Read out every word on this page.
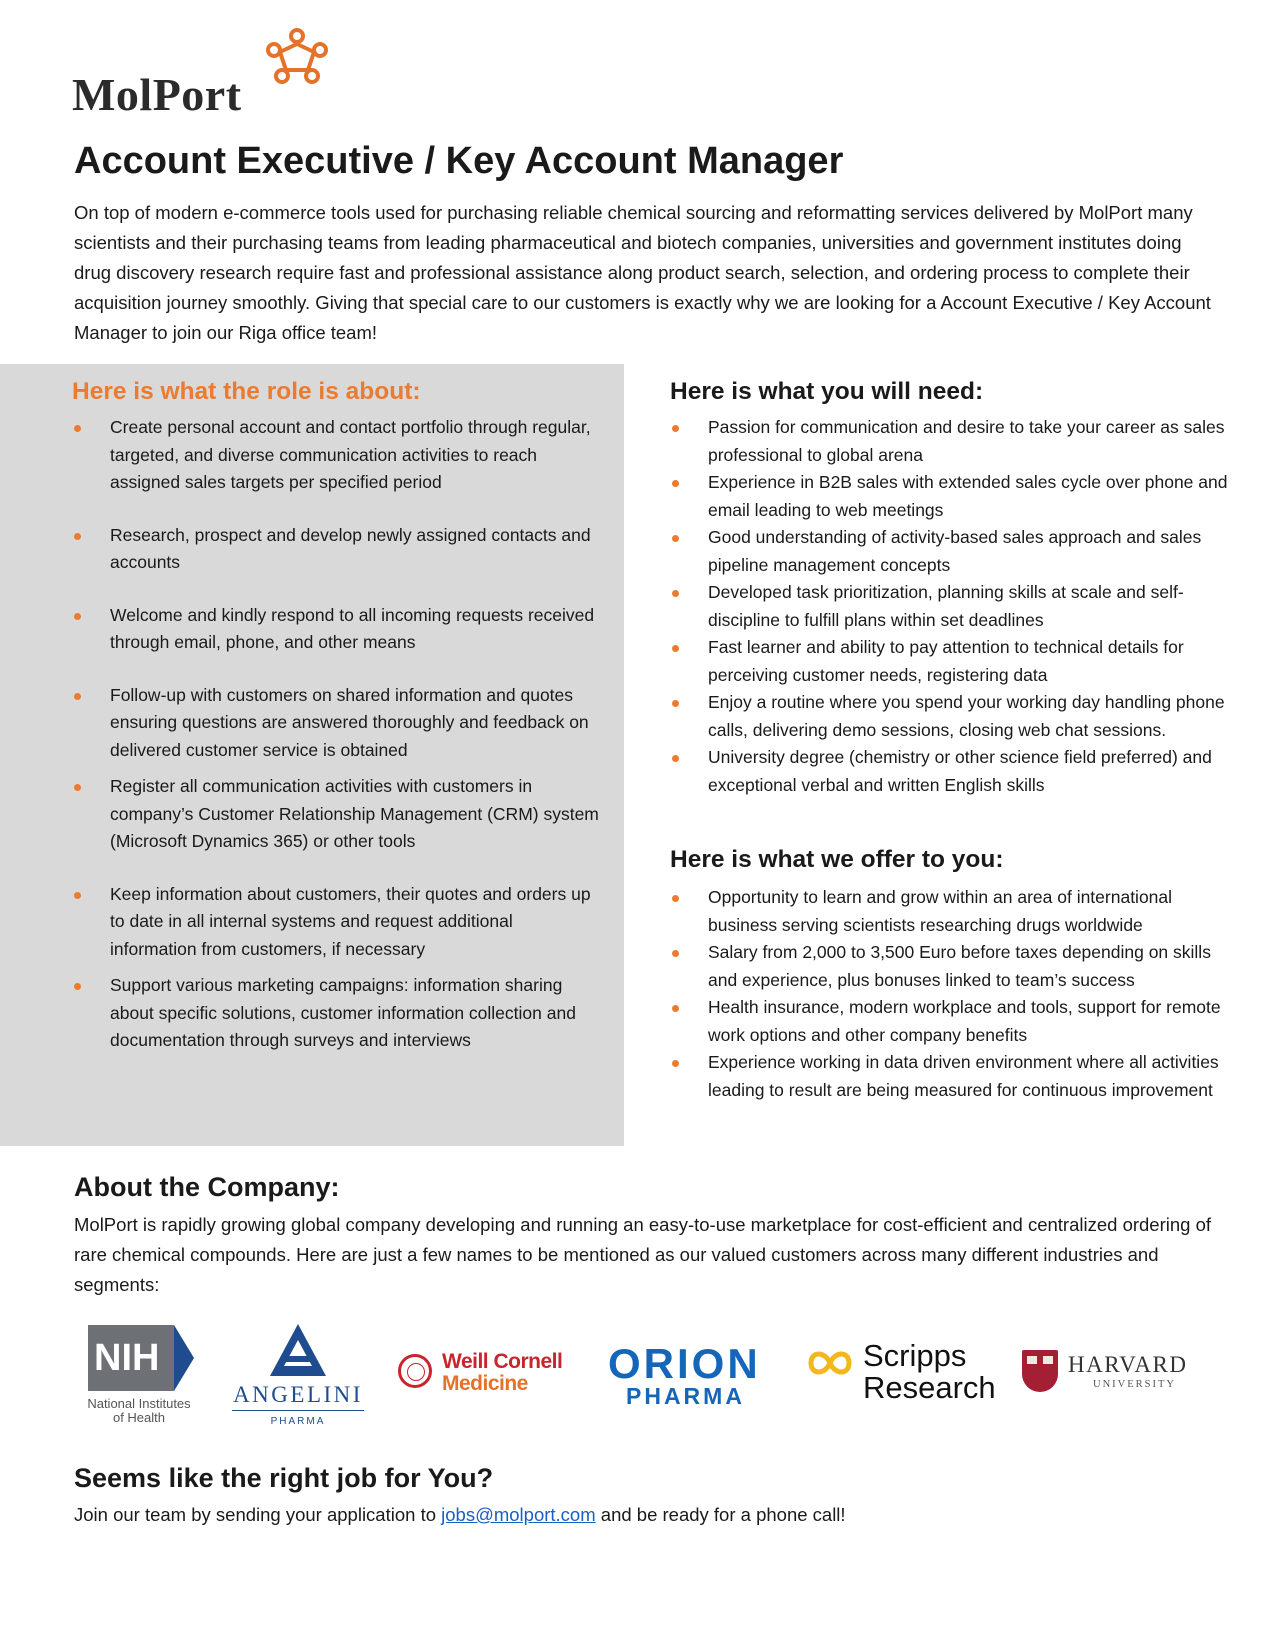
MolPort
Account Executive / Key Account Manager

On top of modern e-commerce tools used for purchasing reliable chemical sourcing and reformatting services delivered by MolPort many scientists and their purchasing teams from leading pharmaceutical and biotech companies, universities and government institutes doing drug discovery research require fast and professional assistance along product search, selection, and ordering process to complete their acquisition journey smoothly. Giving that special care to our customers is exactly why we are looking for a Account Executive / Key Account Manager to join our Riga office team!

Here is what the role is about:
Create personal account and contact portfolio through regular, targeted, and diverse communication activities to reach assigned sales targets per specified period
Research, prospect and develop newly assigned contacts and accounts
Welcome and kindly respond to all incoming requests received through email, phone, and other means
Follow-up with customers on shared information and quotes ensuring questions are answered thoroughly and feedback on delivered customer service is obtained
Register all communication activities with customers in company’s Customer Relationship Management (CRM) system (Microsoft Dynamics 365) or other tools
Keep information about customers, their quotes and orders up to date in all internal systems and request additional information from customers, if necessary
Support various marketing campaigns: information sharing about specific solutions, customer information collection and documentation through surveys and interviews
Here is what you will need:
Passion for communication and desire to take your career as sales professional to global arena
Experience in B2B sales with extended sales cycle over phone and email leading to web meetings
Good understanding of activity-based sales approach and sales pipeline management concepts
Developed task prioritization, planning skills at scale and self-discipline to fulfill plans within set deadlines
Fast learner and ability to pay attention to technical details for perceiving customer needs, registering data
Enjoy a routine where you spend your working day handling phone calls, delivering demo sessions, closing web chat sessions.
University degree (chemistry or other science field preferred) and exceptional verbal and written English skills
Here is what we offer to you:
Opportunity to learn and grow within an area of international business serving scientists researching drugs worldwide
Salary from 2,000 to 3,500 Euro before taxes depending on skills and experience, plus bonuses linked to team’s success
Health insurance, modern workplace and tools, support for remote work options and other company benefits
Experience working in data driven environment where all activities leading to result are being measured for continuous improvement
About the Company:

MolPort is rapidly growing global company developing and running an easy-to-use marketplace for cost-efficient and centralized ordering of rare chemical compounds. Here are just a few names to be mentioned as our valued customers across many different industries and segments:

NIH
National Institutes
of Health
ANGELINI
PHARMA
Weill Cornell
Medicine ORION
PHARMA
Scripps
Research
HARVARD
UNIVERSITY
Seems like the right job for You?

Join our team by sending your application to jobs@molport.com and be ready for a phone call!
